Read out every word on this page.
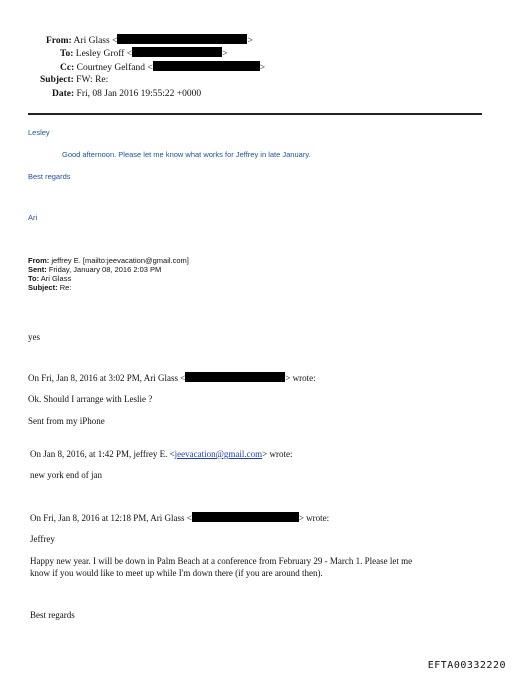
From: Ari Glass <	>
To: Lesley Groff <	>
Cc: Courtney Gelfand <	>
Subject: FW: Re:
Date: Fri, 08 Jan 2016 19:55:22 +0000
Lesley
Good afternoon. Please let me know what works for Jeffrey in late January.
Best regards
Ari
From: jeffrey E. [mailto:jeevacation@gmail.com]
Sent: Friday, January 08, 2016 2:03 PM
To: Ari Glass
Subject: Re:
yes
On Fri, Jan 8, 2016 at 3:02 PM, Ari Glass <	> wrote:
Ok. Should I arrange with Leslie ?
Sent from my iPhone
On Jan 8, 2016, at 1:42 PM, jeffrey E. <jeevacation@gmail.com> wrote:
new york end of jan
On Fri, Jan 8, 2016 at 12:18 PM, Ari Glass <	> wrote:
Jeffrey
Happy new year. I will be down in Palm Beach at a conference from February 29 - March 1. Please let me
know if you would like to meet up while I'm down there (if you are around then).
Best regards
EFTA00332220
